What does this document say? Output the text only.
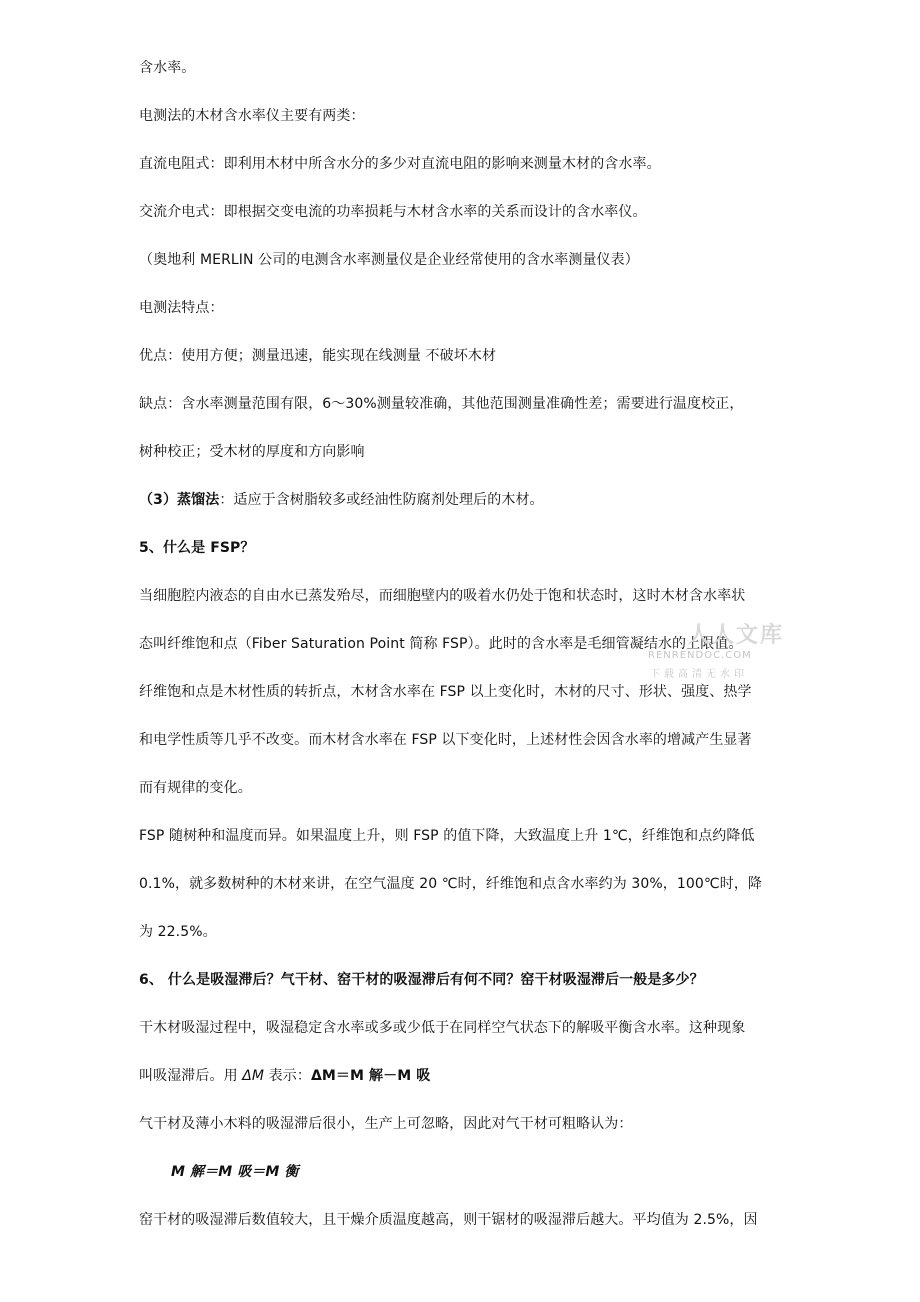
含水率。
电测法的木材含水率仪主要有两类：
直流电阻式：即利用木材中所含水分的多少对直流电阻的影响来测量木材的含水率。
交流介电式：即根据交变电流的功率损耗与木材含水率的关系而设计的含水率仪。
（奥地利 MERLIN 公司的电测含水率测量仪是企业经常使用的含水率测量仪表）
电测法特点：
优点：使用方便；测量迅速，能实现在线测量 不破坏木材
缺点：含水率测量范围有限，6～30%测量较准确，其他范围测量准确性差；需要进行温度校正，
树种校正；受木材的厚度和方向影响
（3）蒸馏法：适应于含树脂较多或经油性防腐剂处理后的木材。
5、什么是 FSP？
当细胞腔内液态的自由水已蒸发殆尽，而细胞壁内的吸着水仍处于饱和状态时，这时木材含水率状
态叫纤维饱和点（Fiber Saturation Point 简称 FSP）。此时的含水率是毛细管凝结水的上限值。
纤维饱和点是木材性质的转折点，木材含水率在 FSP 以上变化时，木材的尺寸、形状、强度、热学
和电学性质等几乎不改变。而木材含水率在 FSP 以下变化时，上述材性会因含水率的增减产生显著
而有规律的变化。
FSP 随树种和温度而异。如果温度上升，则 FSP 的值下降，大致温度上升 1℃，纤维饱和点约降低
0.1%，就多数树种的木材来讲，在空气温度 20 ℃时，纤维饱和点含水率约为 30%，100℃时，降
为 22.5%。
6、 什么是吸湿滞后？气干材、窑干材的吸湿滞后有何不同？窑干材吸湿滞后一般是多少？
干木材吸湿过程中，吸湿稳定含水率或多或少低于在同样空气状态下的解吸平衡含水率。这种现象
叫吸湿滞后。用 ΔM 表示：ΔM＝M 解－M 吸
气干材及薄小木料的吸湿滞后很小，生产上可忽略，因此对气干材可粗略认为：
M 解＝M 吸＝M 衡
窑干材的吸湿滞后数值较大，且干燥介质温度越高，则干锯材的吸湿滞后越大。平均值为 2.5%，因
人人文库
RENRENDOC.COM
下载高清无水印
